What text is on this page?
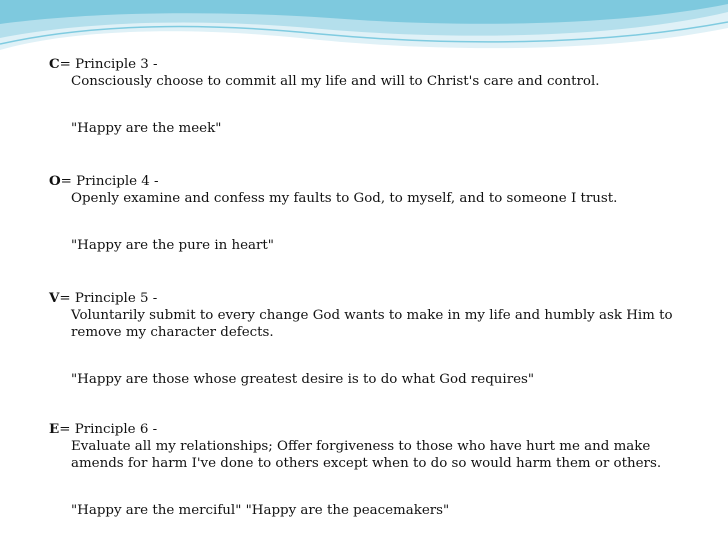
C= Principle 3 -
Consciously choose to commit all my life and will to Christ's care and control.
"Happy are the meek"
O= Principle 4 -
Openly examine and confess my faults to God, to myself, and to someone I trust.
"Happy are the pure in heart"
V= Principle 5 -
Voluntarily submit to every change God wants to make in my life and humbly ask Him to
remove my character defects.
"Happy are those whose greatest desire is to do what God requires"
E= Principle 6 -
Evaluate all my relationships; Offer forgiveness to those who have hurt me and make
amends for harm I've done to others except when to do so would harm them or others.
"Happy are the merciful" "Happy are the peacemakers"
